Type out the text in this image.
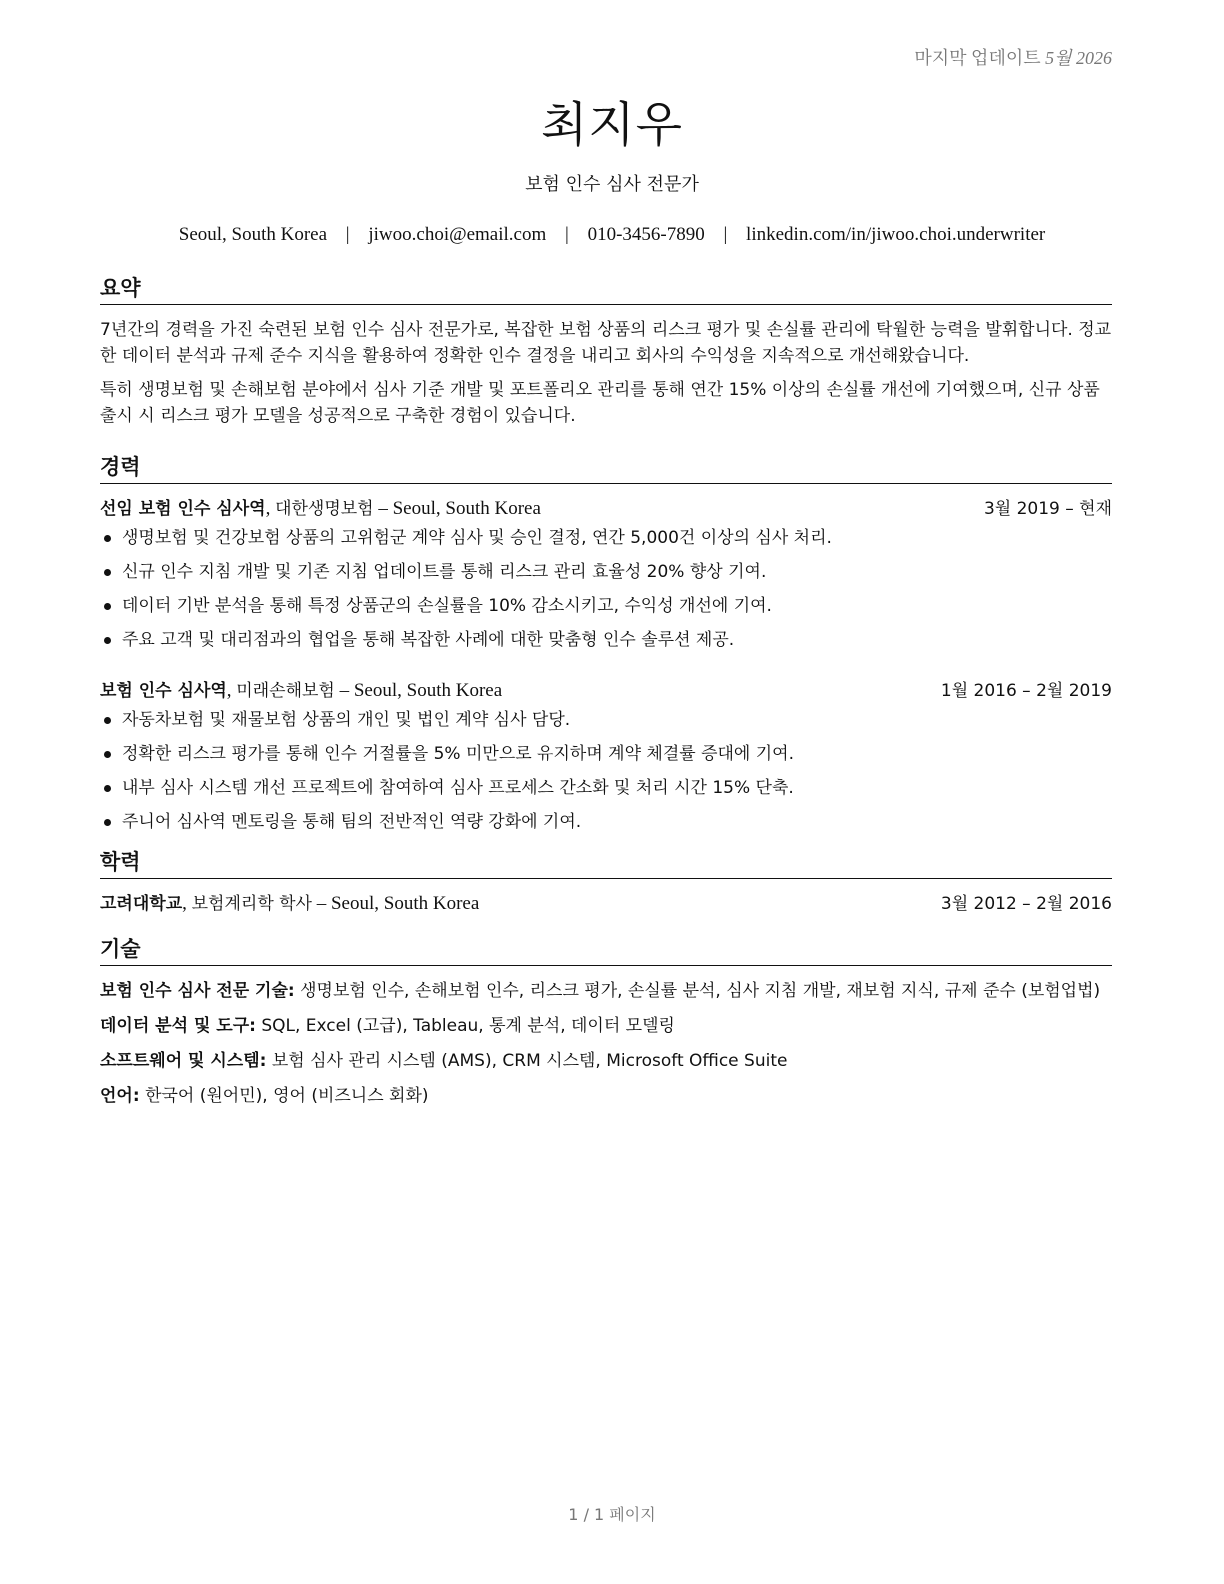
마지막 업데이트 5월 2026
최지우
보험 인수 심사 전문가
Seoul, South Korea | jiwoo.choi@email.com | 010-3456-7890 | linkedin.com/in/jiwoo.choi.underwriter
요약

7년간의 경력을 가진 숙련된 보험 인수 심사 전문가로, 복잡한 보험 상품의 리스크 평가 및 손실률 관리에 탁월한 능력을 발휘합니다. 정교한 데이터 분석과 규제 준수 지식을 활용하여 정확한 인수 결정을 내리고 회사의 수익성을 지속적으로 개선해왔습니다.

특히 생명보험 및 손해보험 분야에서 심사 기준 개발 및 포트폴리오 관리를 통해 연간 15% 이상의 손실률 개선에 기여했으며, 신규 상품 출시 시 리스크 평가 모델을 성공적으로 구축한 경험이 있습니다.

경력
선임 보험 인수 심사역, 대한생명보험 – Seoul, South Korea	3월 2019 – 현재
생명보험 및 건강보험 상품의 고위험군 계약 심사 및 승인 결정, 연간 5,000건 이상의 심사 처리.
신규 인수 지침 개발 및 기존 지침 업데이트를 통해 리스크 관리 효율성 20% 향상 기여.
데이터 기반 분석을 통해 특정 상품군의 손실률을 10% 감소시키고, 수익성 개선에 기여.
주요 고객 및 대리점과의 협업을 통해 복잡한 사례에 대한 맞춤형 인수 솔루션 제공.
보험 인수 심사역, 미래손해보험 – Seoul, South Korea	1월 2016 – 2월 2019
자동차보험 및 재물보험 상품의 개인 및 법인 계약 심사 담당.
정확한 리스크 평가를 통해 인수 거절률을 5% 미만으로 유지하며 계약 체결률 증대에 기여.
내부 심사 시스템 개선 프로젝트에 참여하여 심사 프로세스 간소화 및 처리 시간 15% 단축.
주니어 심사역 멘토링을 통해 팀의 전반적인 역량 강화에 기여.
학력
고려대학교, 보험계리학 학사 – Seoul, South Korea	3월 2012 – 2월 2016
기술
보험 인수 심사 전문 기술: 생명보험 인수, 손해보험 인수, 리스크 평가, 손실률 분석, 심사 지침 개발, 재보험 지식, 규제 준수 (보험업법)
데이터 분석 및 도구: SQL, Excel (고급), Tableau, 통계 분석, 데이터 모델링
소프트웨어 및 시스템: 보험 심사 관리 시스템 (AMS), CRM 시스템, Microsoft Office Suite
언어: 한국어 (원어민), 영어 (비즈니스 회화)
1 / 1 페이지
